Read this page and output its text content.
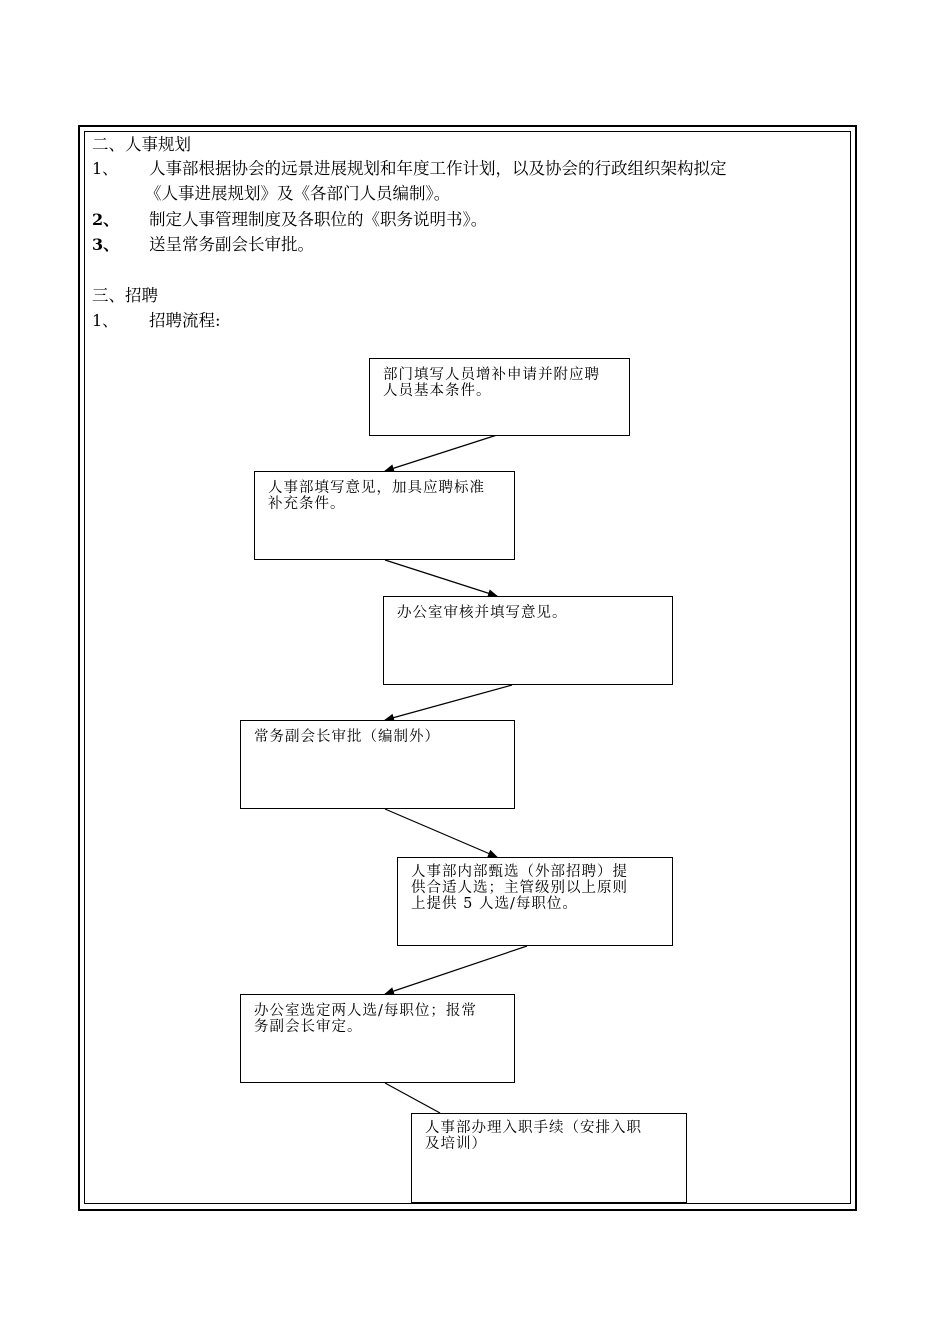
二、人事规划
1、 人事部根据协会的远景进展规划和年度工作计划，以及协会的行政组织架构拟定
《人事进展规划》及《各部门人员编制》。
2、 制定人事管理制度及各职位的《职务说明书》。
3、 送呈常务副会长审批。
三、招聘
1、 招聘流程:
部门填写人员增补申请并附应聘
人员基本条件。
人事部填写意见，加具应聘标准
补充条件。
办公室审核并填写意见。
常务副会长审批（编制外）
人事部内部甄选（外部招聘）提
供合适人选；主管级别以上原则
上提供 5 人选/每职位。
办公室选定两人选/每职位；报常
务副会长审定。
人事部办理入职手续（安排入职
及培训）
